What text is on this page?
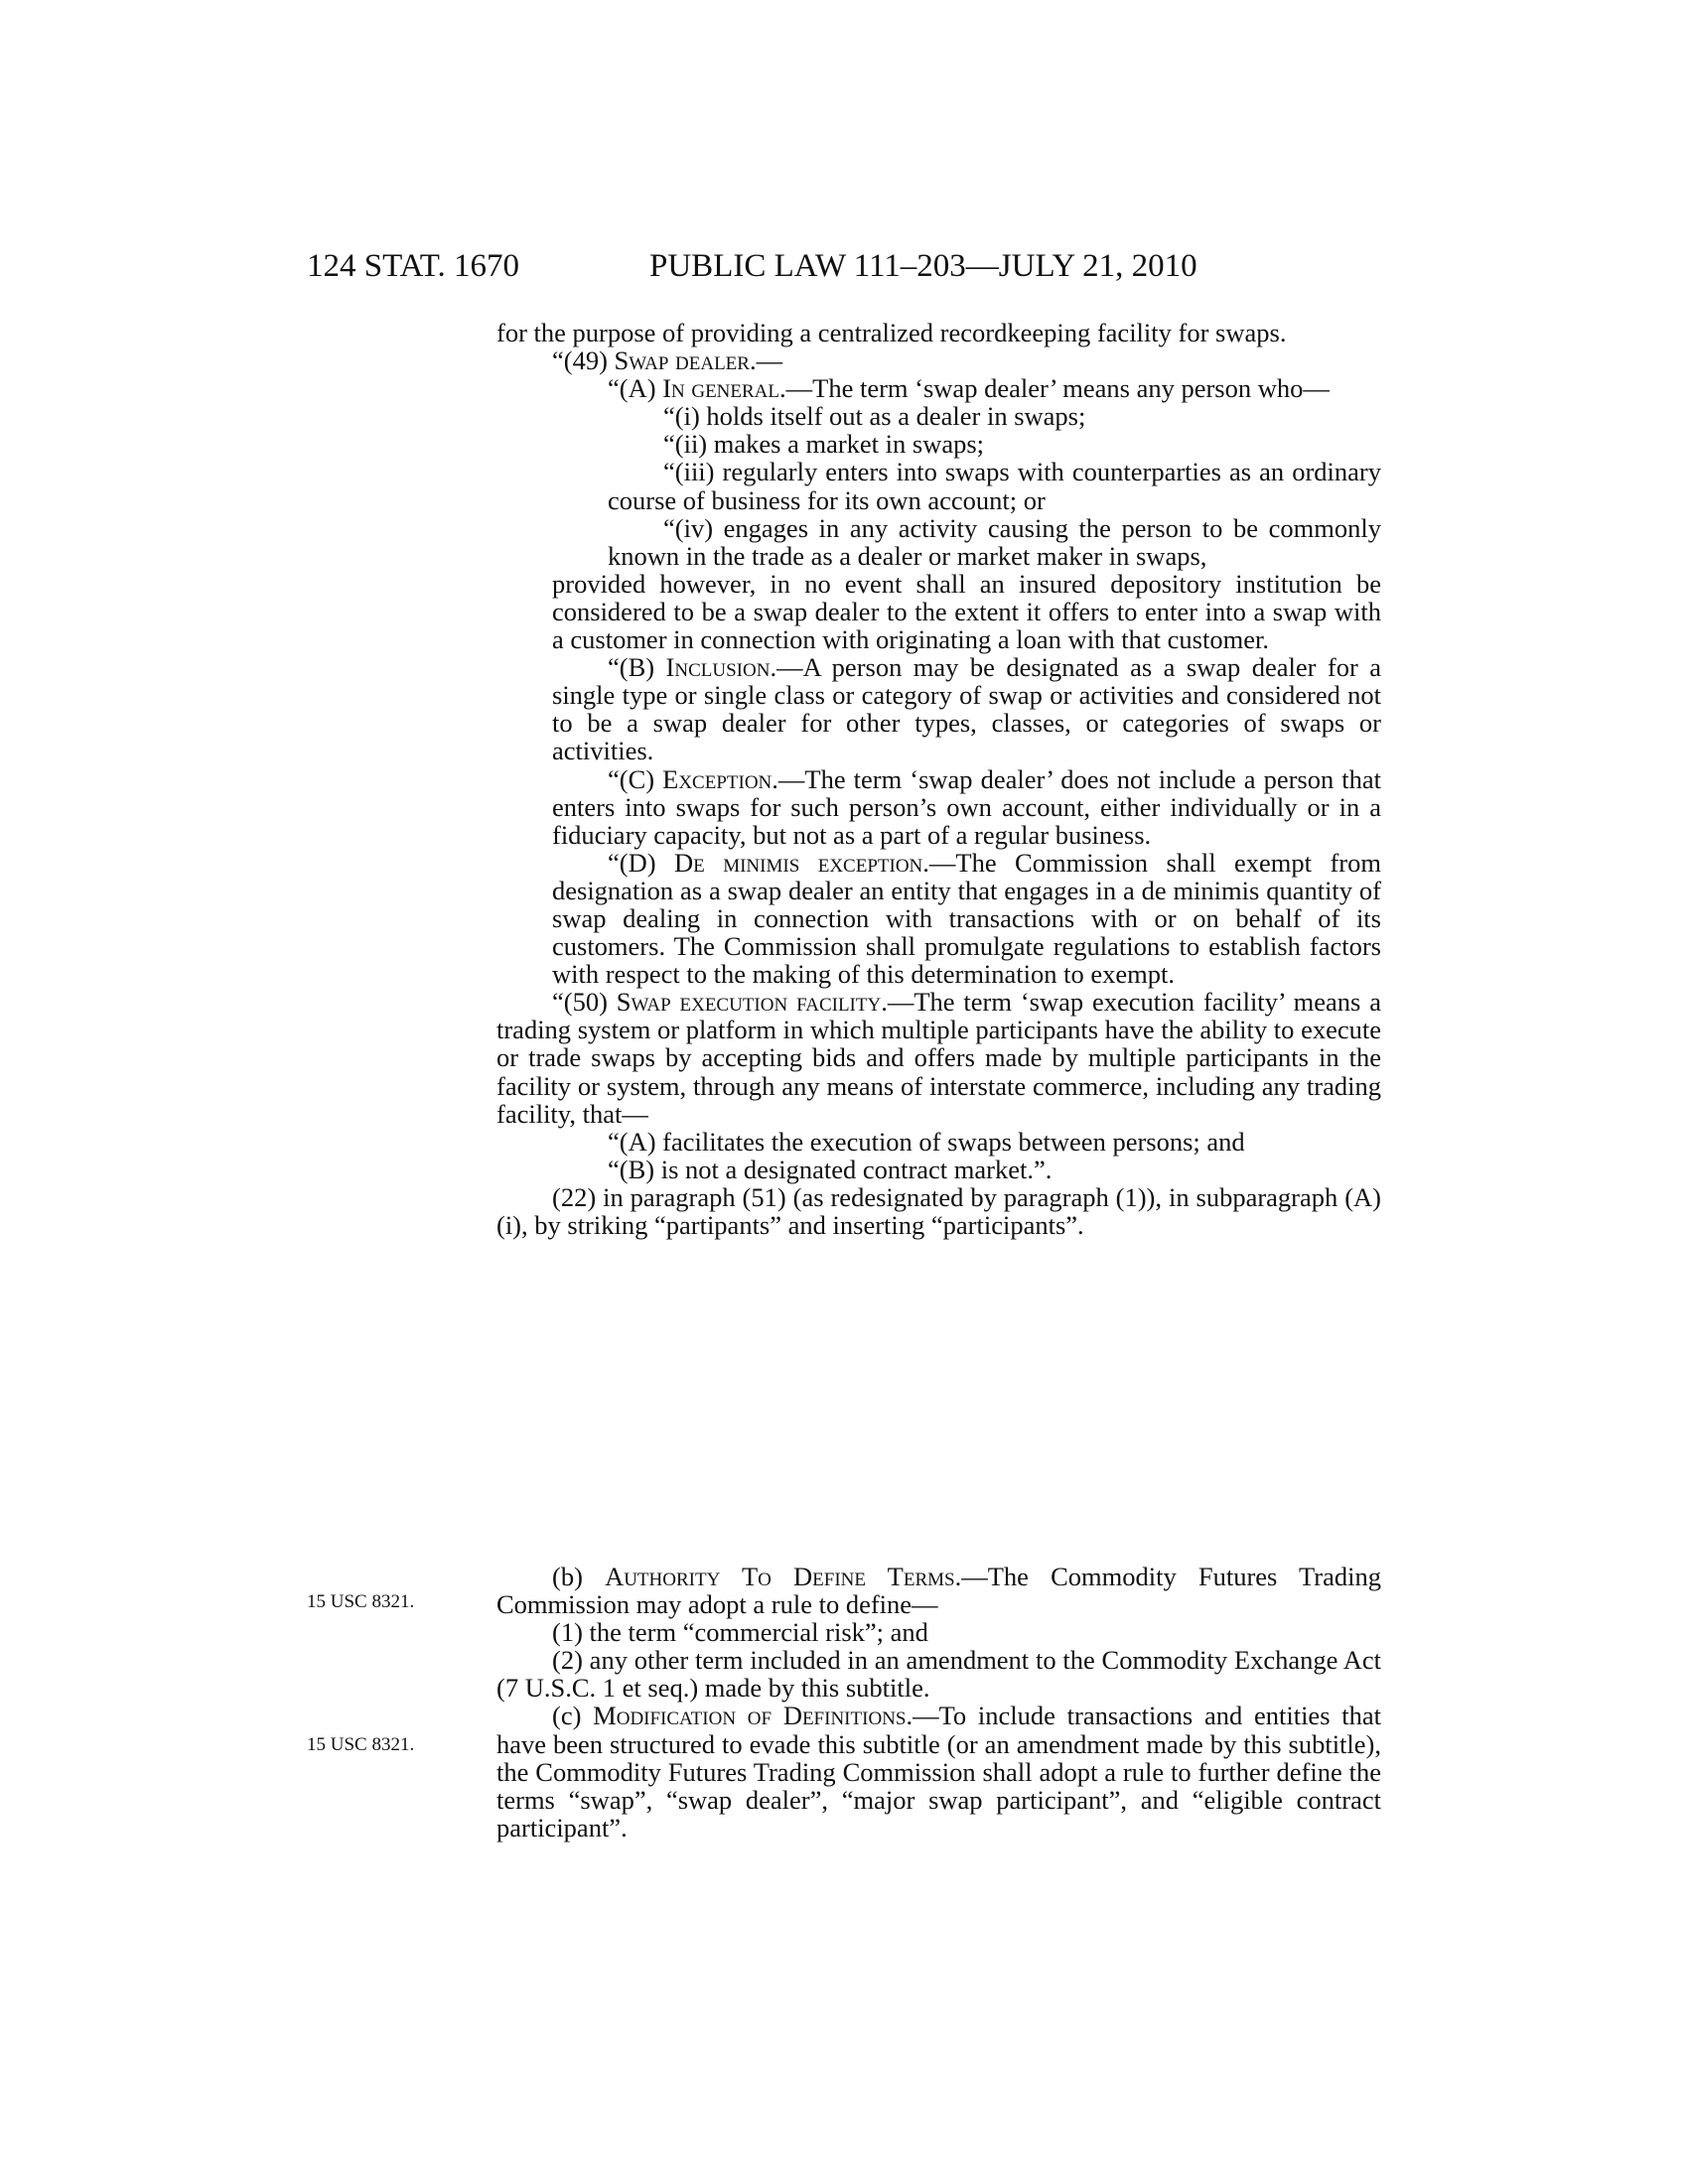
124 STAT. 1670	PUBLIC LAW 111–203—JULY 21, 2010

for the purpose of providing a centralized recordkeeping facility for swaps.

“(49) Swap dealer.—

“(A) In general.—The term ‘swap dealer’ means any person who—

“(i) holds itself out as a dealer in swaps;

“(ii) makes a market in swaps;

“(iii) regularly enters into swaps with counterparties as an ordinary course of business for its own account; or

“(iv) engages in any activity causing the person to be commonly known in the trade as a dealer or market maker in swaps,

provided however, in no event shall an insured depository institution be considered to be a swap dealer to the extent it offers to enter into a swap with a customer in connection with originating a loan with that customer.

“(B) Inclusion.—A person may be designated as a swap dealer for a single type or single class or category of swap or activities and considered not to be a swap dealer for other types, classes, or categories of swaps or activities.

“(C) Exception.—The term ‘swap dealer’ does not include a person that enters into swaps for such person’s own account, either individually or in a fiduciary capacity, but not as a part of a regular business.

“(D) De minimis exception.—The Commission shall exempt from designation as a swap dealer an entity that engages in a de minimis quantity of swap dealing in connection with transactions with or on behalf of its customers. The Commission shall promulgate regulations to establish factors with respect to the making of this determination to exempt.

“(50) Swap execution facility.—The term ‘swap execution facility’ means a trading system or platform in which multiple participants have the ability to execute or trade swaps by accepting bids and offers made by multiple participants in the facility or system, through any means of interstate commerce, including any trading facility, that—

“(A) facilitates the execution of swaps between persons; and

“(B) is not a designated contract market.”.

(22) in paragraph (51) (as redesignated by paragraph (1)), in subparagraph (A)(i), by striking “partipants” and inserting “participants”.

15 USC 8321.
15 USC 8321.

(b) Authority To Define Terms.—The Commodity Futures Trading Commission may adopt a rule to define—

(1) the term “commercial risk”; and

(2) any other term included in an amendment to the Commodity Exchange Act (7 U.S.C. 1 et seq.) made by this subtitle.

(c) Modification of Definitions.—To include transactions and entities that have been structured to evade this subtitle (or an amendment made by this subtitle), the Commodity Futures Trading Commission shall adopt a rule to further define the terms “swap”, “swap dealer”, “major swap participant”, and “eligible contract participant”.
